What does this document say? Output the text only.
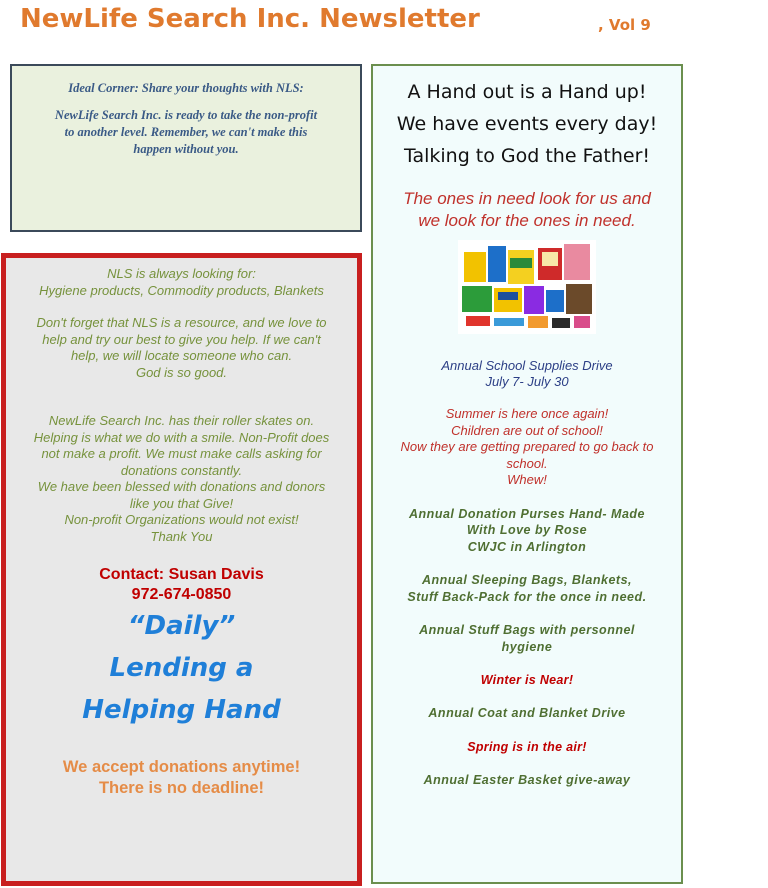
NewLife Search Inc. Newsletter	, Vol 9
Ideal Corner: Share your thoughts with NLS:
NewLife Search Inc. is ready to take the non-profit
to another level. Remember, we can't make this
happen without you.
NLS is always looking for:
Hygiene products, Commodity products, Blankets
Don't forget that NLS is a resource, and we love to
help and try our best to give you help. If we can't
help, we will locate someone who can.
God is so good.
NewLife Search Inc. has their roller skates on.
Helping is what we do with a smile. Non-Profit does
not make a profit. We must make calls asking for
donations constantly.
We have been blessed with donations and donors
like you that Give!
Non-profit Organizations would not exist!
Thank You
Contact: Susan Davis
972-674-0850
“Daily”
Lending a
Helping Hand
We accept donations anytime!
There is no deadline!
A Hand out is a Hand up!
We have events every day!
Talking to God the Father!
The ones in need look for us and
we look for the ones in need.
Annual School Supplies Drive
July 7- July 30
Summer is here once again!
Children are out of school!
Now they are getting prepared to go back to
school.
Whew!
Annual Donation Purses Hand- Made
With Love by Rose
CWJC in Arlington
Annual Sleeping Bags, Blankets,
Stuff Back-Pack for the once in need.
Annual Stuff Bags with personnel
hygiene
Winter is Near!
Annual Coat and Blanket Drive
Spring is in the air!
Annual Easter Basket give-away
